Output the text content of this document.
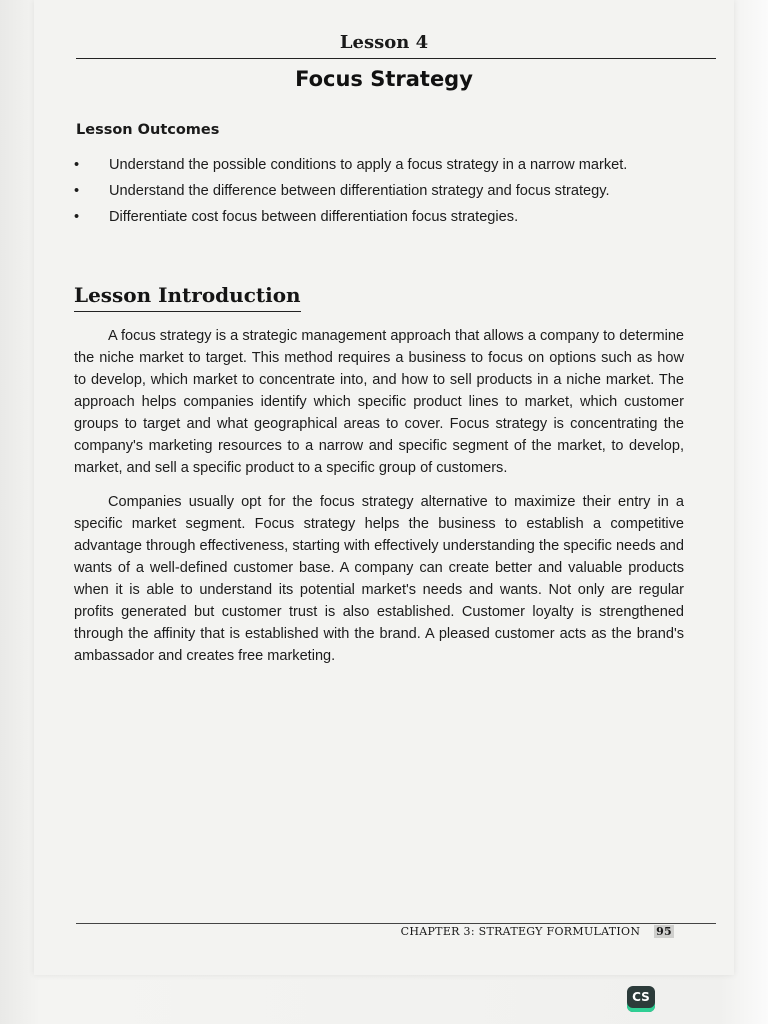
Lesson 4
Focus Strategy
Lesson Outcomes
• Understand the possible conditions to apply a focus strategy in a narrow market.
• Understand the difference between differentiation strategy and focus strategy.
• Differentiate cost focus between differentiation focus strategies.
Lesson Introduction

A focus strategy is a strategic management approach that allows a company to determine the niche market to target. This method requires a business to focus on options such as how to develop, which market to concentrate into, and how to sell products in a niche market. The approach helps companies identify which specific product lines to market, which customer groups to target and what geographical areas to cover. Focus strategy is concentrating the company's marketing resources to a narrow and specific segment of the market, to develop, market, and sell a specific product to a specific group of customers.

Companies usually opt for the focus strategy alternative to maximize their entry in a specific market segment. Focus strategy helps the business to establish a competitive advantage through effectiveness, starting with effectively understanding the specific needs and wants of a well-defined customer base. A company can create better and valuable products when it is able to understand its potential market's needs and wants. Not only are regular profits generated but customer trust is also established. Customer loyalty is strengthened through the affinity that is established with the brand. A pleased customer acts as the brand's ambassador and creates free marketing.

CHAPTER 3: STRATEGY FORMULATION 95
CS
